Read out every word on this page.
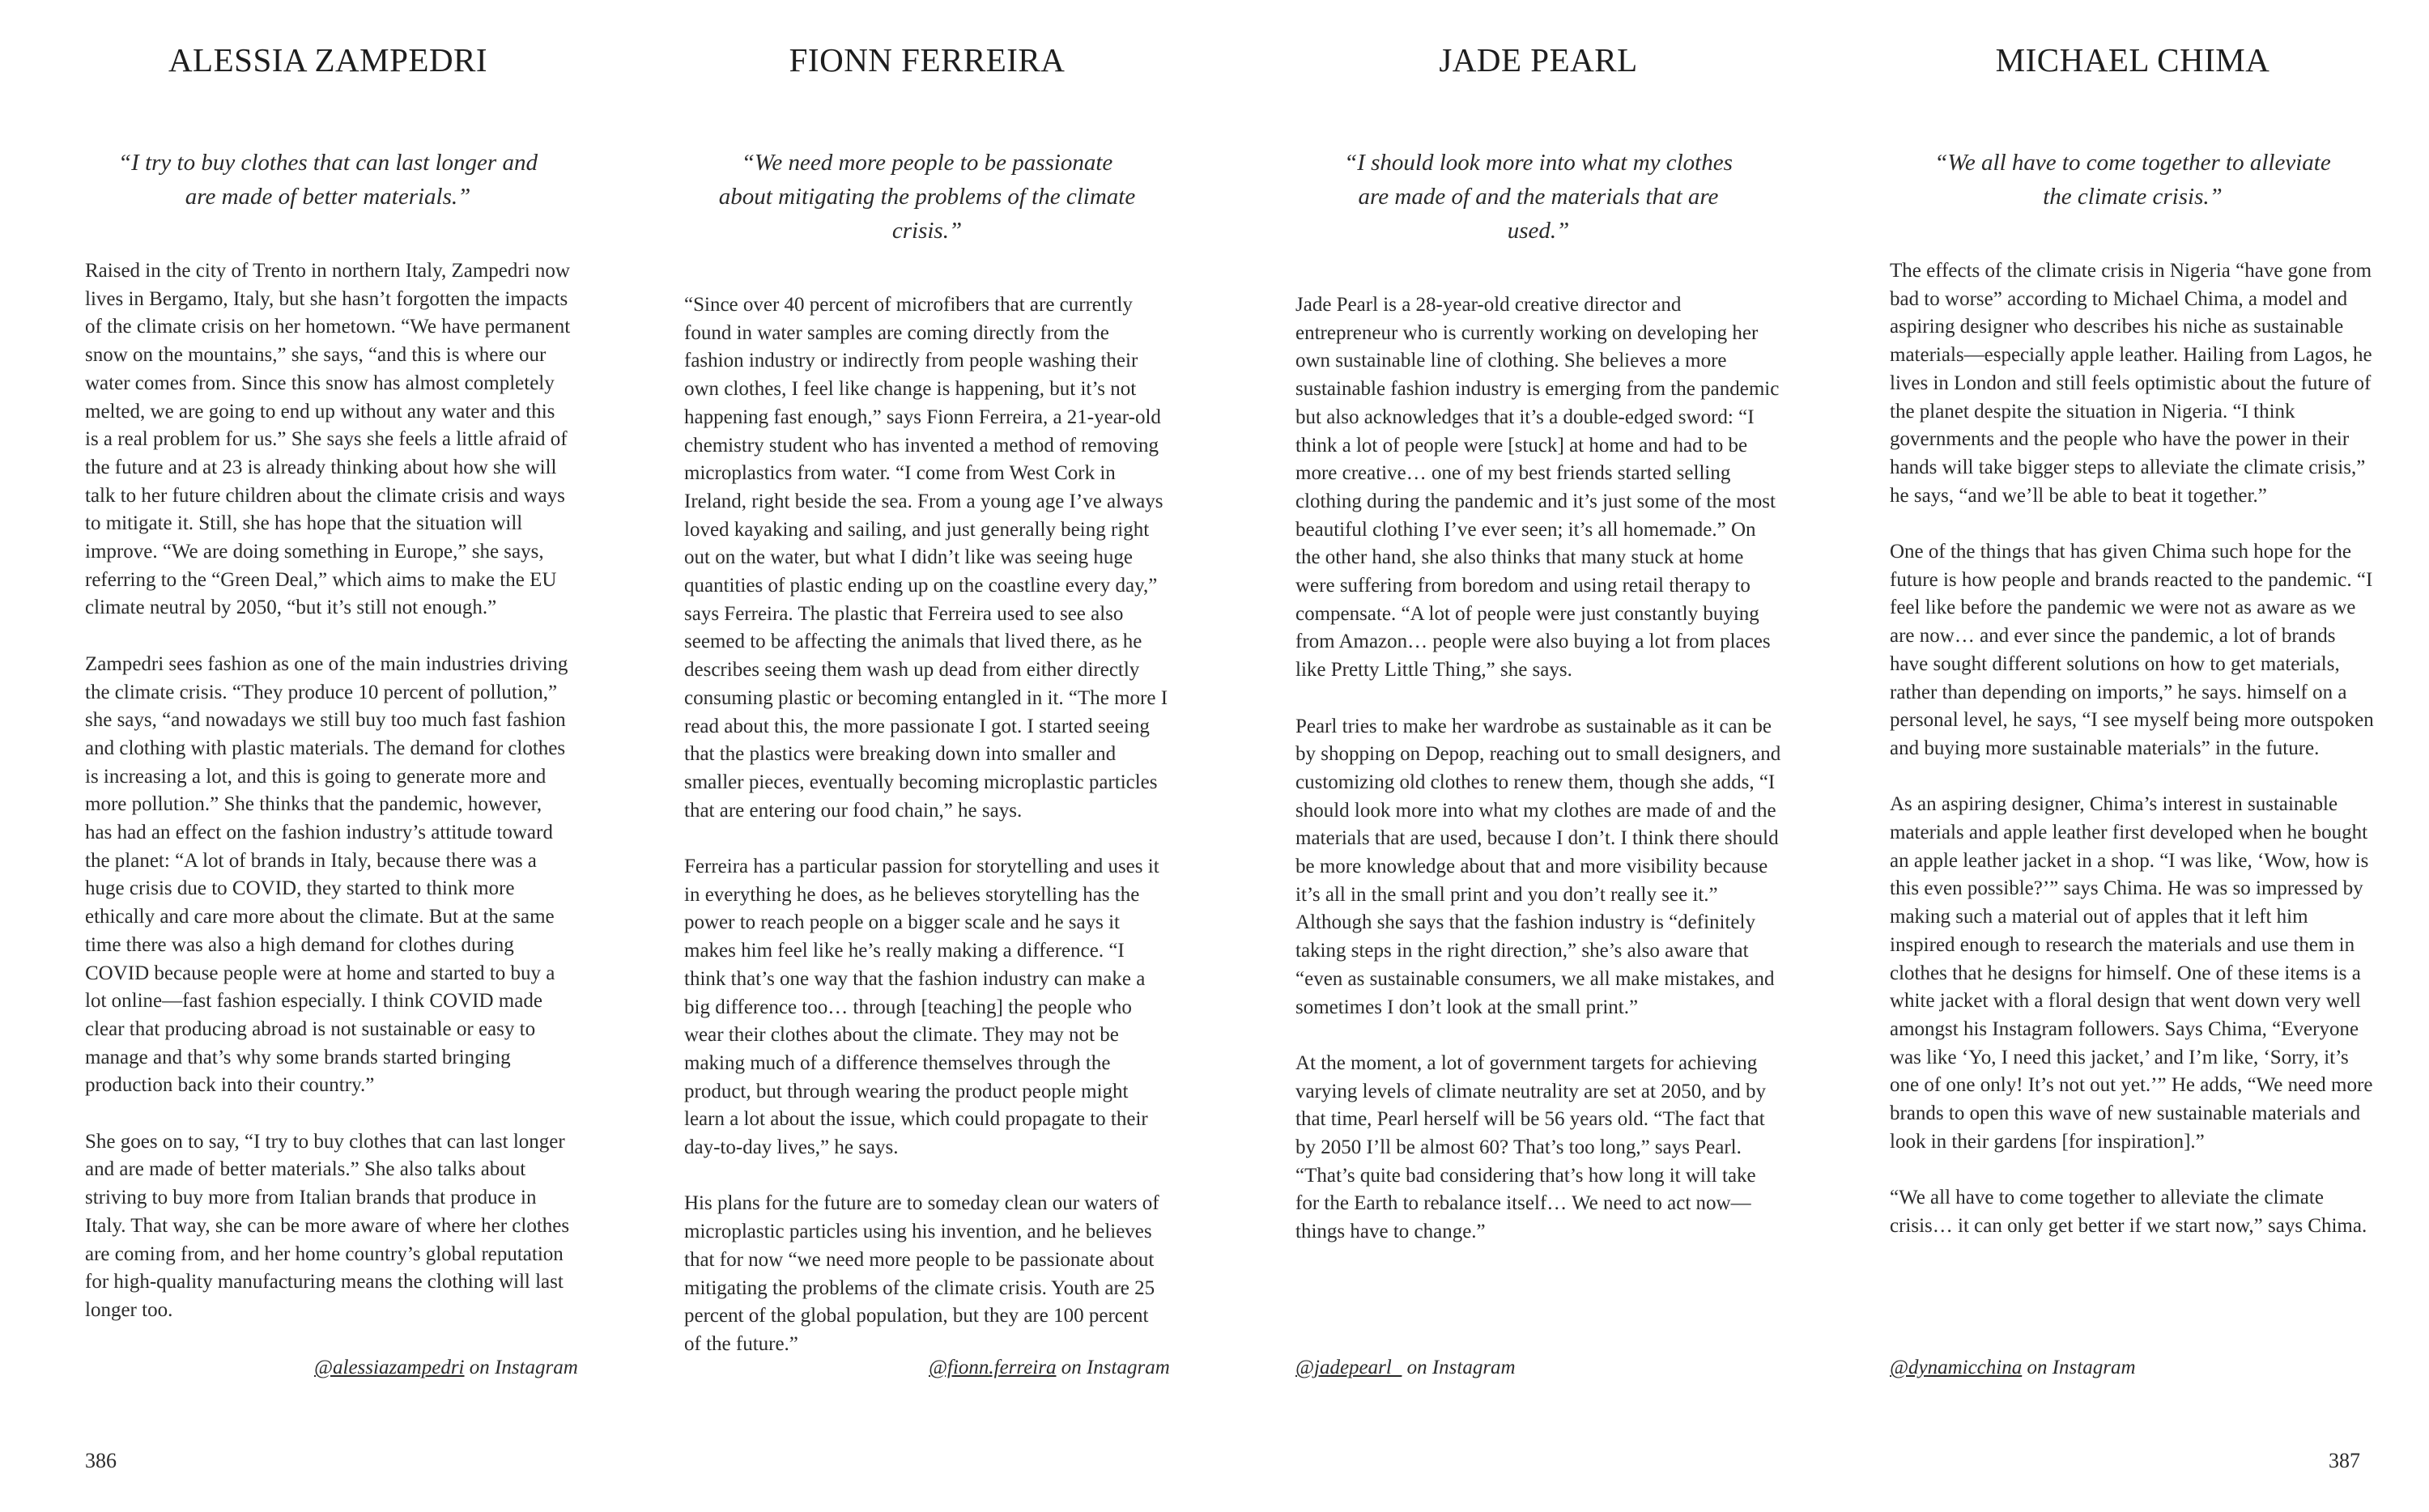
ALESSIA ZAMPEDRI
“I try to buy clothes that can last longer and are made of better materials.”

Raised in the city of Trento in northern Italy, Zampedri now lives in Bergamo, Italy, but she hasn’t forgotten the impacts of the climate crisis on her hometown. “We have permanent snow on the mountains,” she says, “and this is where our water comes from. Since this snow has almost completely melted, we are going to end up without any water and this is a real problem for us.” She says she feels a little afraid of the future and at 23 is already thinking about how she will talk to her future children about the climate crisis and ways to mitigate it. Still, she has hope that the situation will improve. “We are doing something in Europe,” she says, referring to the “Green Deal,” which aims to make the EU climate neutral by 2050, “but it’s still not enough.”

Zampedri sees fashion as one of the main industries driving the climate crisis. “They produce 10 percent of pollution,” she says, “and nowadays we still buy too much fast fashion and clothing with plastic materials. The demand for clothes is increasing a lot, and this is going to generate more and more pollution.” She thinks that the pandemic, however, has had an effect on the fashion industry’s attitude toward the planet: “A lot of brands in Italy, because there was a huge crisis due to COVID, they started to think more ethically and care more about the climate. But at the same time there was also a high demand for clothes during COVID because people were at home and started to buy a lot online—fast fashion especially. I think COVID made clear that producing abroad is not sustainable or easy to manage and that’s why some brands started bringing production back into their country.”

She goes on to say, “I try to buy clothes that can last longer and are made of better materials.” She also talks about striving to buy more from Italian brands that produce in Italy. That way, she can be more aware of where her clothes are coming from, and her home country’s global reputation for high-quality manufacturing means the clothing will last longer too.

FIONN FERREIRA
“We need more people to be passionate about mitigating the problems of the climate crisis.”

“Since over 40 percent of microfibers that are currently found in water samples are coming directly from the fashion industry or indirectly from people washing their own clothes, I feel like change is happening, but it’s not happening fast enough,” says Fionn Ferreira, a 21-year-old chemistry student who has invented a method of removing microplastics from water. “I come from West Cork in Ireland, right beside the sea. From a young age I’ve always loved kayaking and sailing, and just generally being right out on the water, but what I didn’t like was seeing huge quantities of plastic ending up on the coastline every day,” says Ferreira. The plastic that Ferreira used to see also seemed to be affecting the animals that lived there, as he describes seeing them wash up dead from either directly consuming plastic or becoming entangled in it. “The more I read about this, the more passionate I got. I started seeing that the plastics were breaking down into smaller and smaller pieces, eventually becoming microplastic particles that are entering our food chain,” he says.

Ferreira has a particular passion for storytelling and uses it in everything he does, as he believes storytelling has the power to reach people on a bigger scale and he says it makes him feel like he’s really making a difference. “I think that’s one way that the fashion industry can make a big difference too… through [teaching] the people who wear their clothes about the climate. They may not be making much of a difference themselves through the product, but through wearing the product people might learn a lot about the issue, which could propagate to their day-to-day lives,” he says.

His plans for the future are to someday clean our waters of microplastic particles using his invention, and he believes that for now “we need more people to be passionate about mitigating the problems of the climate crisis. Youth are 25 percent of the global population, but they are 100 percent of the future.”

JADE PEARL
“I should look more into what my clothes are made of and the materials that are used.”

Jade Pearl is a 28-year-old creative director and entrepreneur who is currently working on developing her own sustainable line of clothing. She believes a more sustainable fashion industry is emerging from the pandemic but also acknowledges that it’s a double-edged sword: “I think a lot of people were [stuck] at home and had to be more creative… one of my best friends started selling clothing during the pandemic and it’s just some of the most beautiful clothing I’ve ever seen; it’s all homemade.” On the other hand, she also thinks that many stuck at home were suffering from boredom and using retail therapy to compensate. “A lot of people were just constantly buying from Amazon… people were also buying a lot from places like Pretty Little Thing,” she says.

Pearl tries to make her wardrobe as sustainable as it can be by shopping on Depop, reaching out to small designers, and customizing old clothes to renew them, though she adds, “I should look more into what my clothes are made of and the materials that are used, because I don’t. I think there should be more knowledge about that and more visibility because it’s all in the small print and you don’t really see it.” Although she says that the fashion industry is “definitely taking steps in the right direction,” she’s also aware that “even as sustainable consumers, we all make mistakes, and sometimes I don’t look at the small print.”

At the moment, a lot of government targets for achieving varying levels of climate neutrality are set at 2050, and by that time, Pearl herself will be 56 years old. “The fact that by 2050 I’ll be almost 60? That’s too long,” says Pearl. “That’s quite bad considering that’s how long it will take for the Earth to rebalance itself… We need to act now—things have to change.”

MICHAEL CHIMA
“We all have to come together to alleviate the climate crisis.”

The effects of the climate crisis in Nigeria “have gone from bad to worse” according to Michael Chima, a model and aspiring designer who describes his niche as sustainable materials—especially apple leather. Hailing from Lagos, he lives in London and still feels optimistic about the future of the planet despite the situation in Nigeria. “I think governments and the people who have the power in their hands will take bigger steps to alleviate the climate crisis,” he says, “and we’ll be able to beat it together.”

One of the things that has given Chima such hope for the future is how people and brands reacted to the pandemic. “I feel like before the pandemic we were not as aware as we are now… and ever since the pandemic, a lot of brands have sought different solutions on how to get materials, rather than depending on imports,” he says. himself on a personal level, he says, “I see myself being more outspoken and buying more sustainable materials” in the future.

As an aspiring designer, Chima’s interest in sustainable materials and apple leather first developed when he bought an apple leather jacket in a shop. “I was like, ‘Wow, how is this even possible?’” says Chima. He was so impressed by making such a material out of apples that it left him inspired enough to research the materials and use them in clothes that he designs for himself. One of these items is a white jacket with a floral design that went down very well amongst his Instagram followers. Says Chima, “Everyone was like ‘Yo, I need this jacket,’ and I’m like, ‘Sorry, it’s one of one only! It’s not out yet.’” He adds, “We need more brands to open this wave of new sustainable materials and look in their gardens [for inspiration].”

“We all have to come together to alleviate the climate crisis… it can only get better if we start now,” says Chima.

@alessiazampedri on Instagram	@fionn.ferreira on Instagram	@jadepearl_ on Instagram	@dynamicchina on Instagram
386	387
